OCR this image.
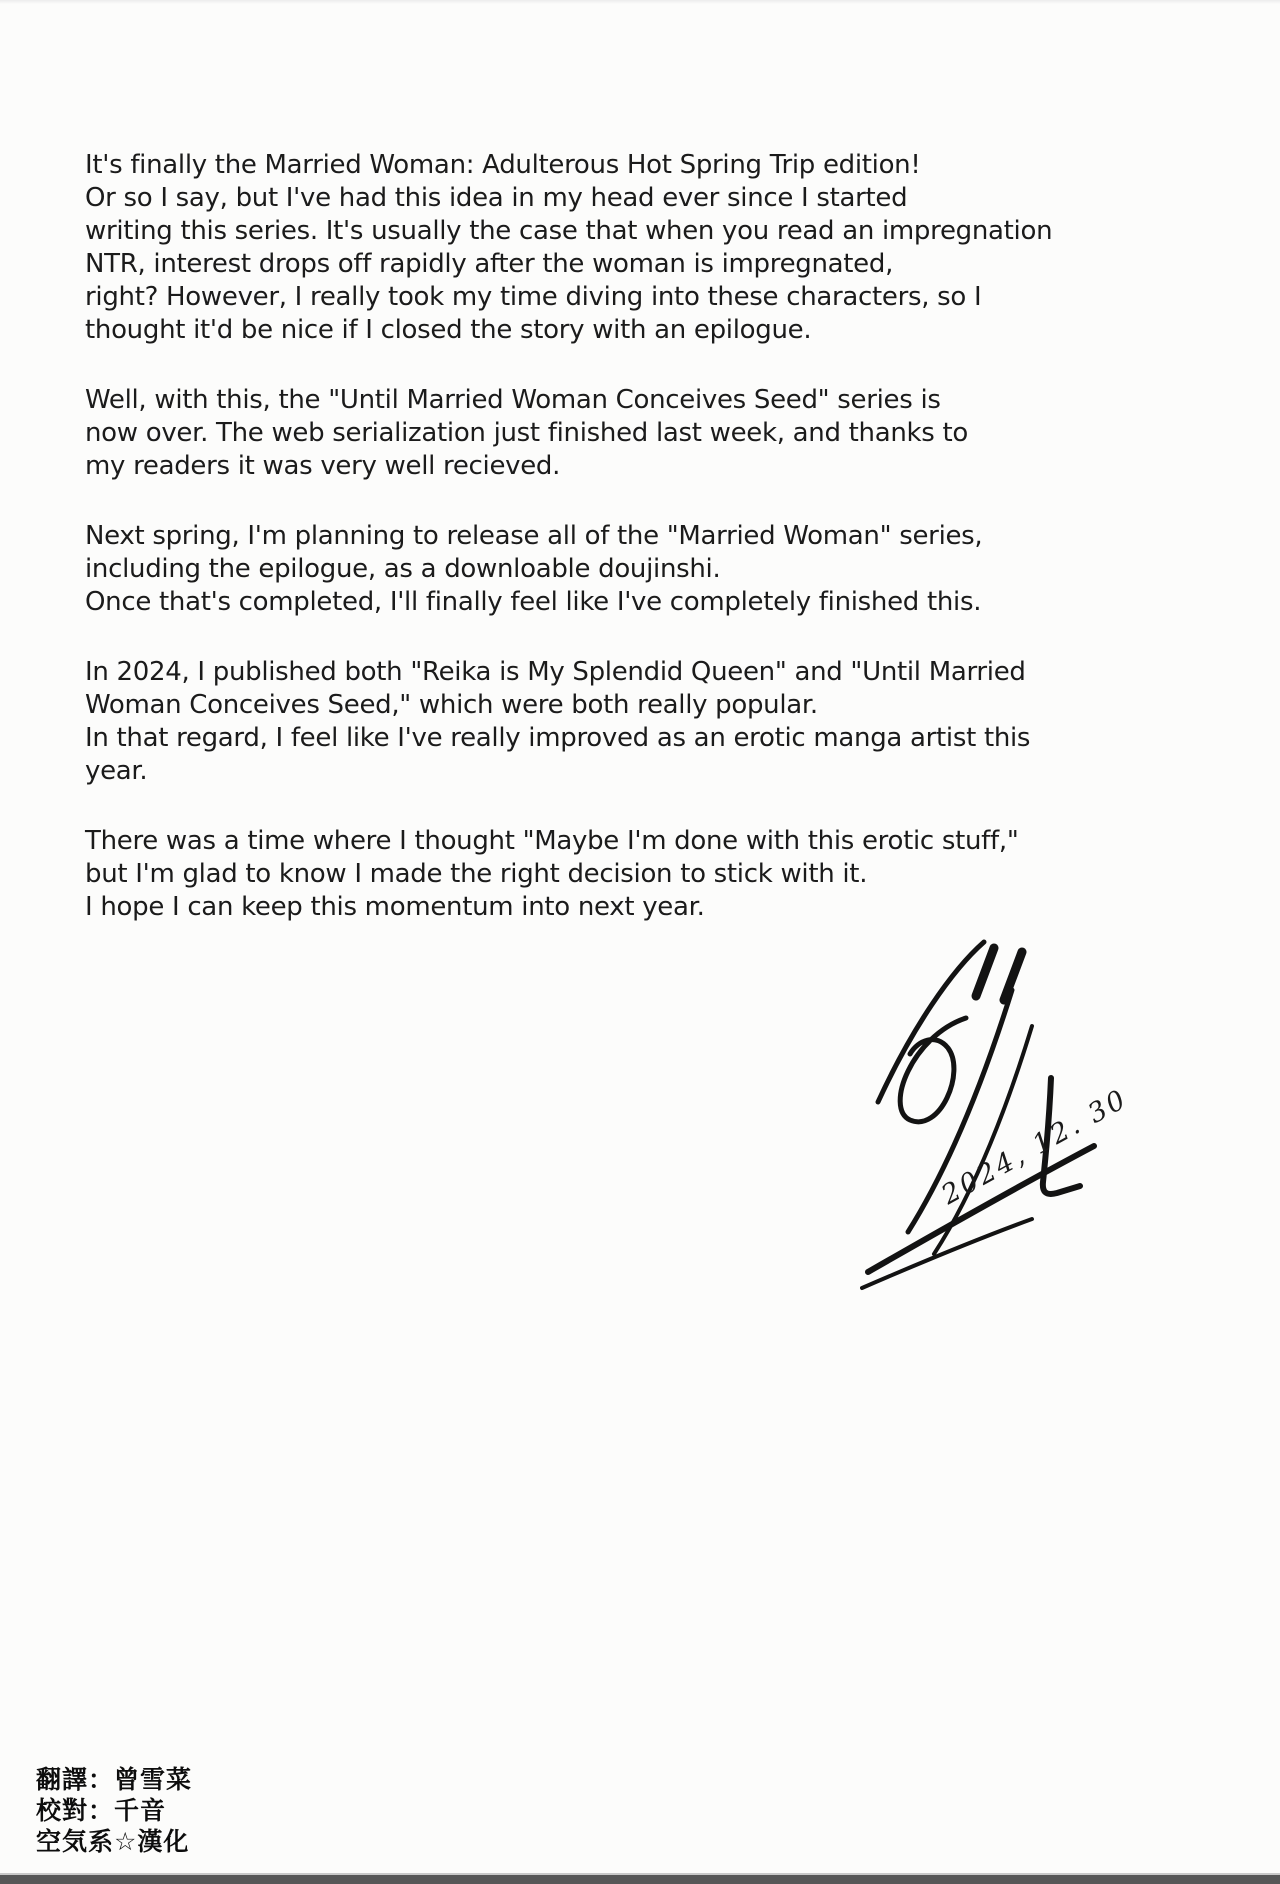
It's finally the Married Woman: Adulterous Hot Spring Trip edition!
Or so I say, but I've had this idea in my head ever since I started
writing this series. It's usually the case that when you read an impregnation
NTR, interest drops off rapidly after the woman is impregnated,
right? However, I really took my time diving into these characters, so I
thought it'd be nice if I closed the story with an epilogue.
Well, with this, the "Until Married Woman Conceives Seed" series is
now over. The web serialization just finished last week, and thanks to
my readers it was very well recieved.
Next spring, I'm planning to release all of the "Married Woman" series,
including the epilogue, as a downloable doujinshi.
Once that's completed, I'll finally feel like I've completely finished this.
In 2024, I published both "Reika is My Splendid Queen" and "Until Married
Woman Conceives Seed," which were both really popular.
In that regard, I feel like I've really improved as an erotic manga artist this
year.
There was a time where I thought "Maybe I'm done with this erotic stuff,"
but I'm glad to know I made the right decision to stick with it.
I hope I can keep this momentum into next year.
2024, 12. 30
翻譯：曾雪菜
校對：千音
空気系☆漢化
